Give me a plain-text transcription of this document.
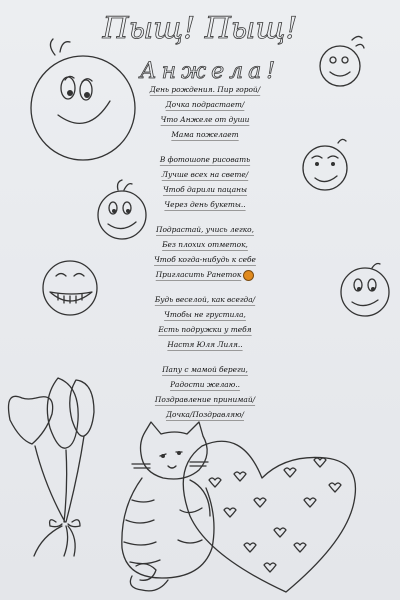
Пыщ! Пыщ!
Анжела!
День рождения. Пир горой/
Дочка подрастает/
Что Анжеле от души
Мама пожелает
В фотошопе рисовать
Лучше всех на свете/
Чтоб дарили пацаны
Через день букеты..
Подрастай, учись легко,
Без плохих отметок,
Чтоб когда-нибудь к себе
Пригласить Ранеток
Будь веселой, как всегда/
Чтобы не грустила,
Есть подружки у тебя
Настя Юля Лиля..
Папу с мамой береги,
Радости желаю..
Поздравление принимай/
Дочка/Поздравляю/
